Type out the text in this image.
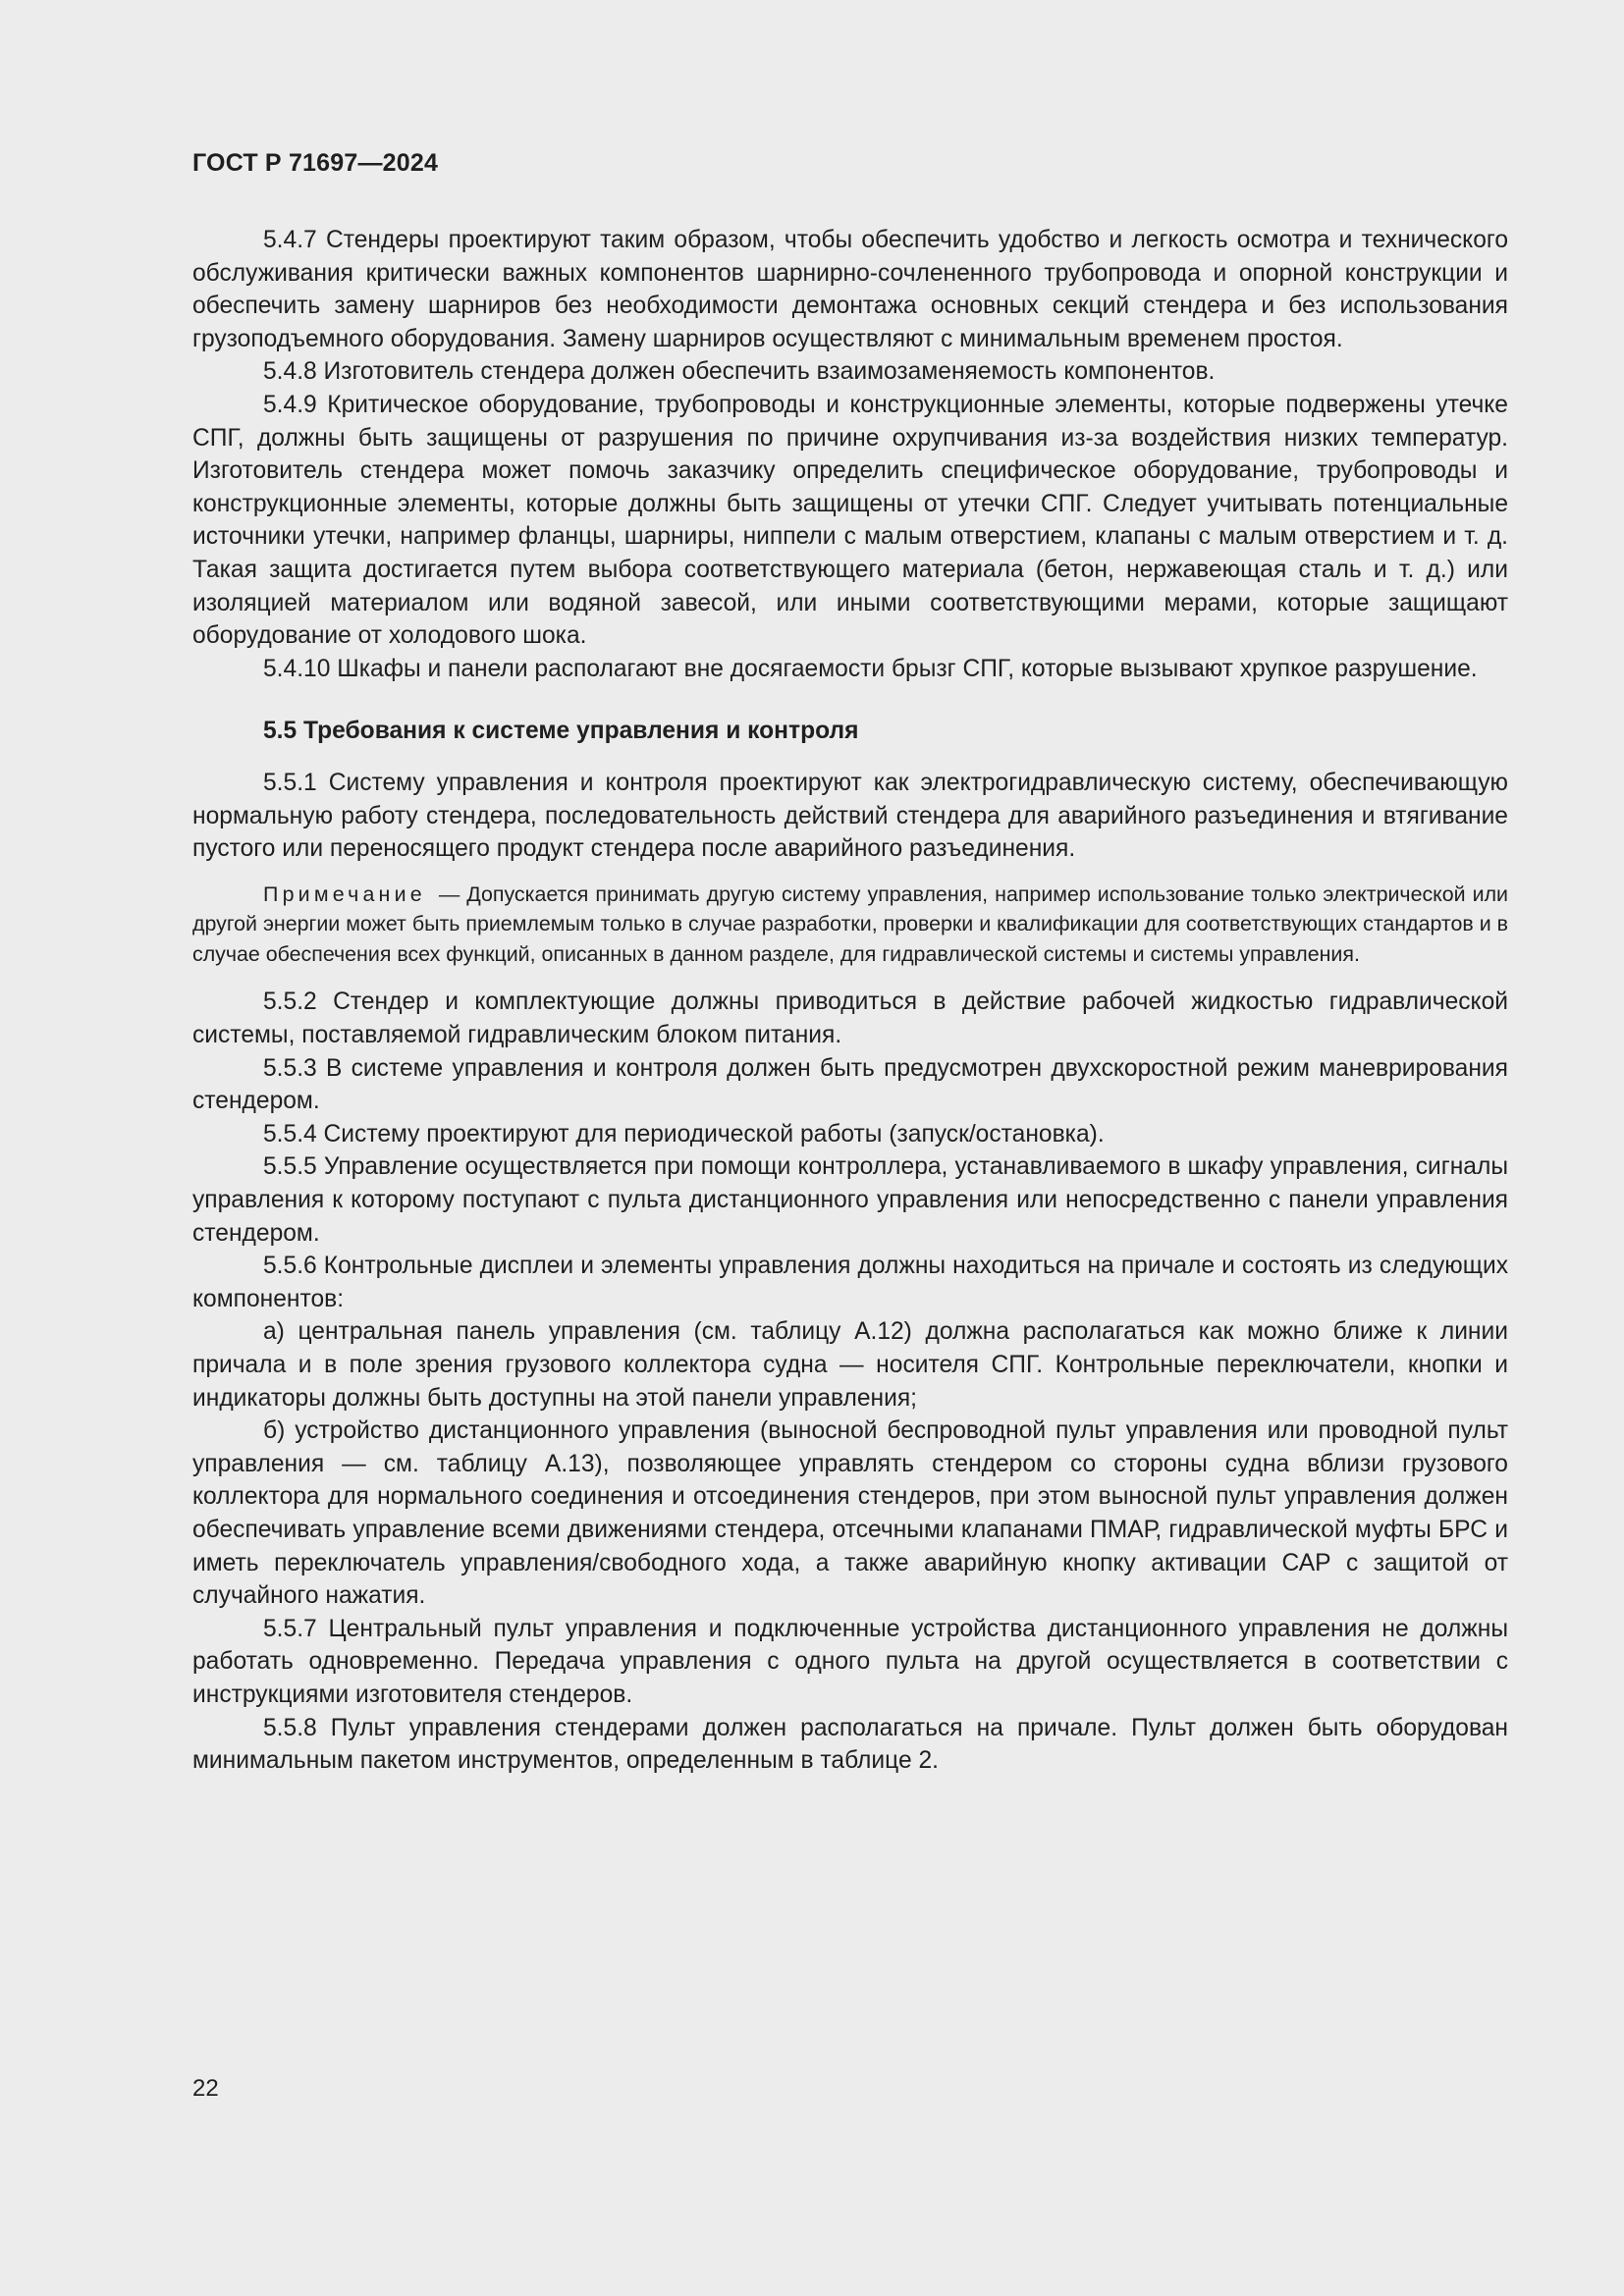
ГОСТ Р 71697—2024

5.4.7 Стендеры проектируют таким образом, чтобы обеспечить удобство и легкость осмотра и технического обслуживания критически важных компонентов шарнирно-сочлененного трубопровода и опорной конструкции и обеспечить замену шарниров без необходимости демонтажа основных секций стендера и без использования грузоподъемного оборудования. Замену шарниров осуществляют с минимальным временем простоя.

5.4.8 Изготовитель стендера должен обеспечить взаимозаменяемость компонентов.

5.4.9 Критическое оборудование, трубопроводы и конструкционные элементы, которые подвержены утечке СПГ, должны быть защищены от разрушения по причине охрупчивания из-за воздействия низких температур. Изготовитель стендера может помочь заказчику определить специфическое оборудование, трубопроводы и конструкционные элементы, которые должны быть защищены от утечки СПГ. Следует учитывать потенциальные источники утечки, например фланцы, шарниры, ниппели с малым отверстием, клапаны с малым отверстием и т. д. Такая защита достигается путем выбора соответствующего материала (бетон, нержавеющая сталь и т. д.) или изоляцией материалом или водяной завесой, или иными соответствующими мерами, которые защищают оборудование от холодового шока.

5.4.10 Шкафы и панели располагают вне досягаемости брызг СПГ, которые вызывают хрупкое разрушение.

5.5 Требования к системе управления и контроля

5.5.1 Систему управления и контроля проектируют как электрогидравлическую систему, обеспечивающую нормальную работу стендера, последовательность действий стендера для аварийного разъединения и втягивание пустого или переносящего продукт стендера после аварийного разъединения.

Примечание — Допускается принимать другую систему управления, например использование только электрической или другой энергии может быть приемлемым только в случае разработки, проверки и квалификации для соответствующих стандартов и в случае обеспечения всех функций, описанных в данном разделе, для гидравлической системы и системы управления.

5.5.2 Стендер и комплектующие должны приводиться в действие рабочей жидкостью гидравлической системы, поставляемой гидравлическим блоком питания.

5.5.3 В системе управления и контроля должен быть предусмотрен двухскоростной режим маневрирования стендером.

5.5.4 Систему проектируют для периодической работы (запуск/остановка).

5.5.5 Управление осуществляется при помощи контроллера, устанавливаемого в шкафу управления, сигналы управления к которому поступают с пульта дистанционного управления или непосредственно с панели управления стендером.

5.5.6 Контрольные дисплеи и элементы управления должны находиться на причале и состоять из следующих компонентов:

а) центральная панель управления (см. таблицу А.12) должна располагаться как можно ближе к линии причала и в поле зрения грузового коллектора судна — носителя СПГ. Контрольные переключатели, кнопки и индикаторы должны быть доступны на этой панели управления;

б) устройство дистанционного управления (выносной беспроводной пульт управления или проводной пульт управления — см. таблицу А.13), позволяющее управлять стендером со стороны судна вблизи грузового коллектора для нормального соединения и отсоединения стендеров, при этом выносной пульт управления должен обеспечивать управление всеми движениями стендера, отсечными клапанами ПМАР, гидравлической муфты БРС и иметь переключатель управления/свободного хода, а также аварийную кнопку активации САР с защитой от случайного нажатия.

5.5.7 Центральный пульт управления и подключенные устройства дистанционного управления не должны работать одновременно. Передача управления с одного пульта на другой осуществляется в соответствии с инструкциями изготовителя стендеров.

5.5.8 Пульт управления стендерами должен располагаться на причале. Пульт должен быть оборудован минимальным пакетом инструментов, определенным в таблице 2.

22
